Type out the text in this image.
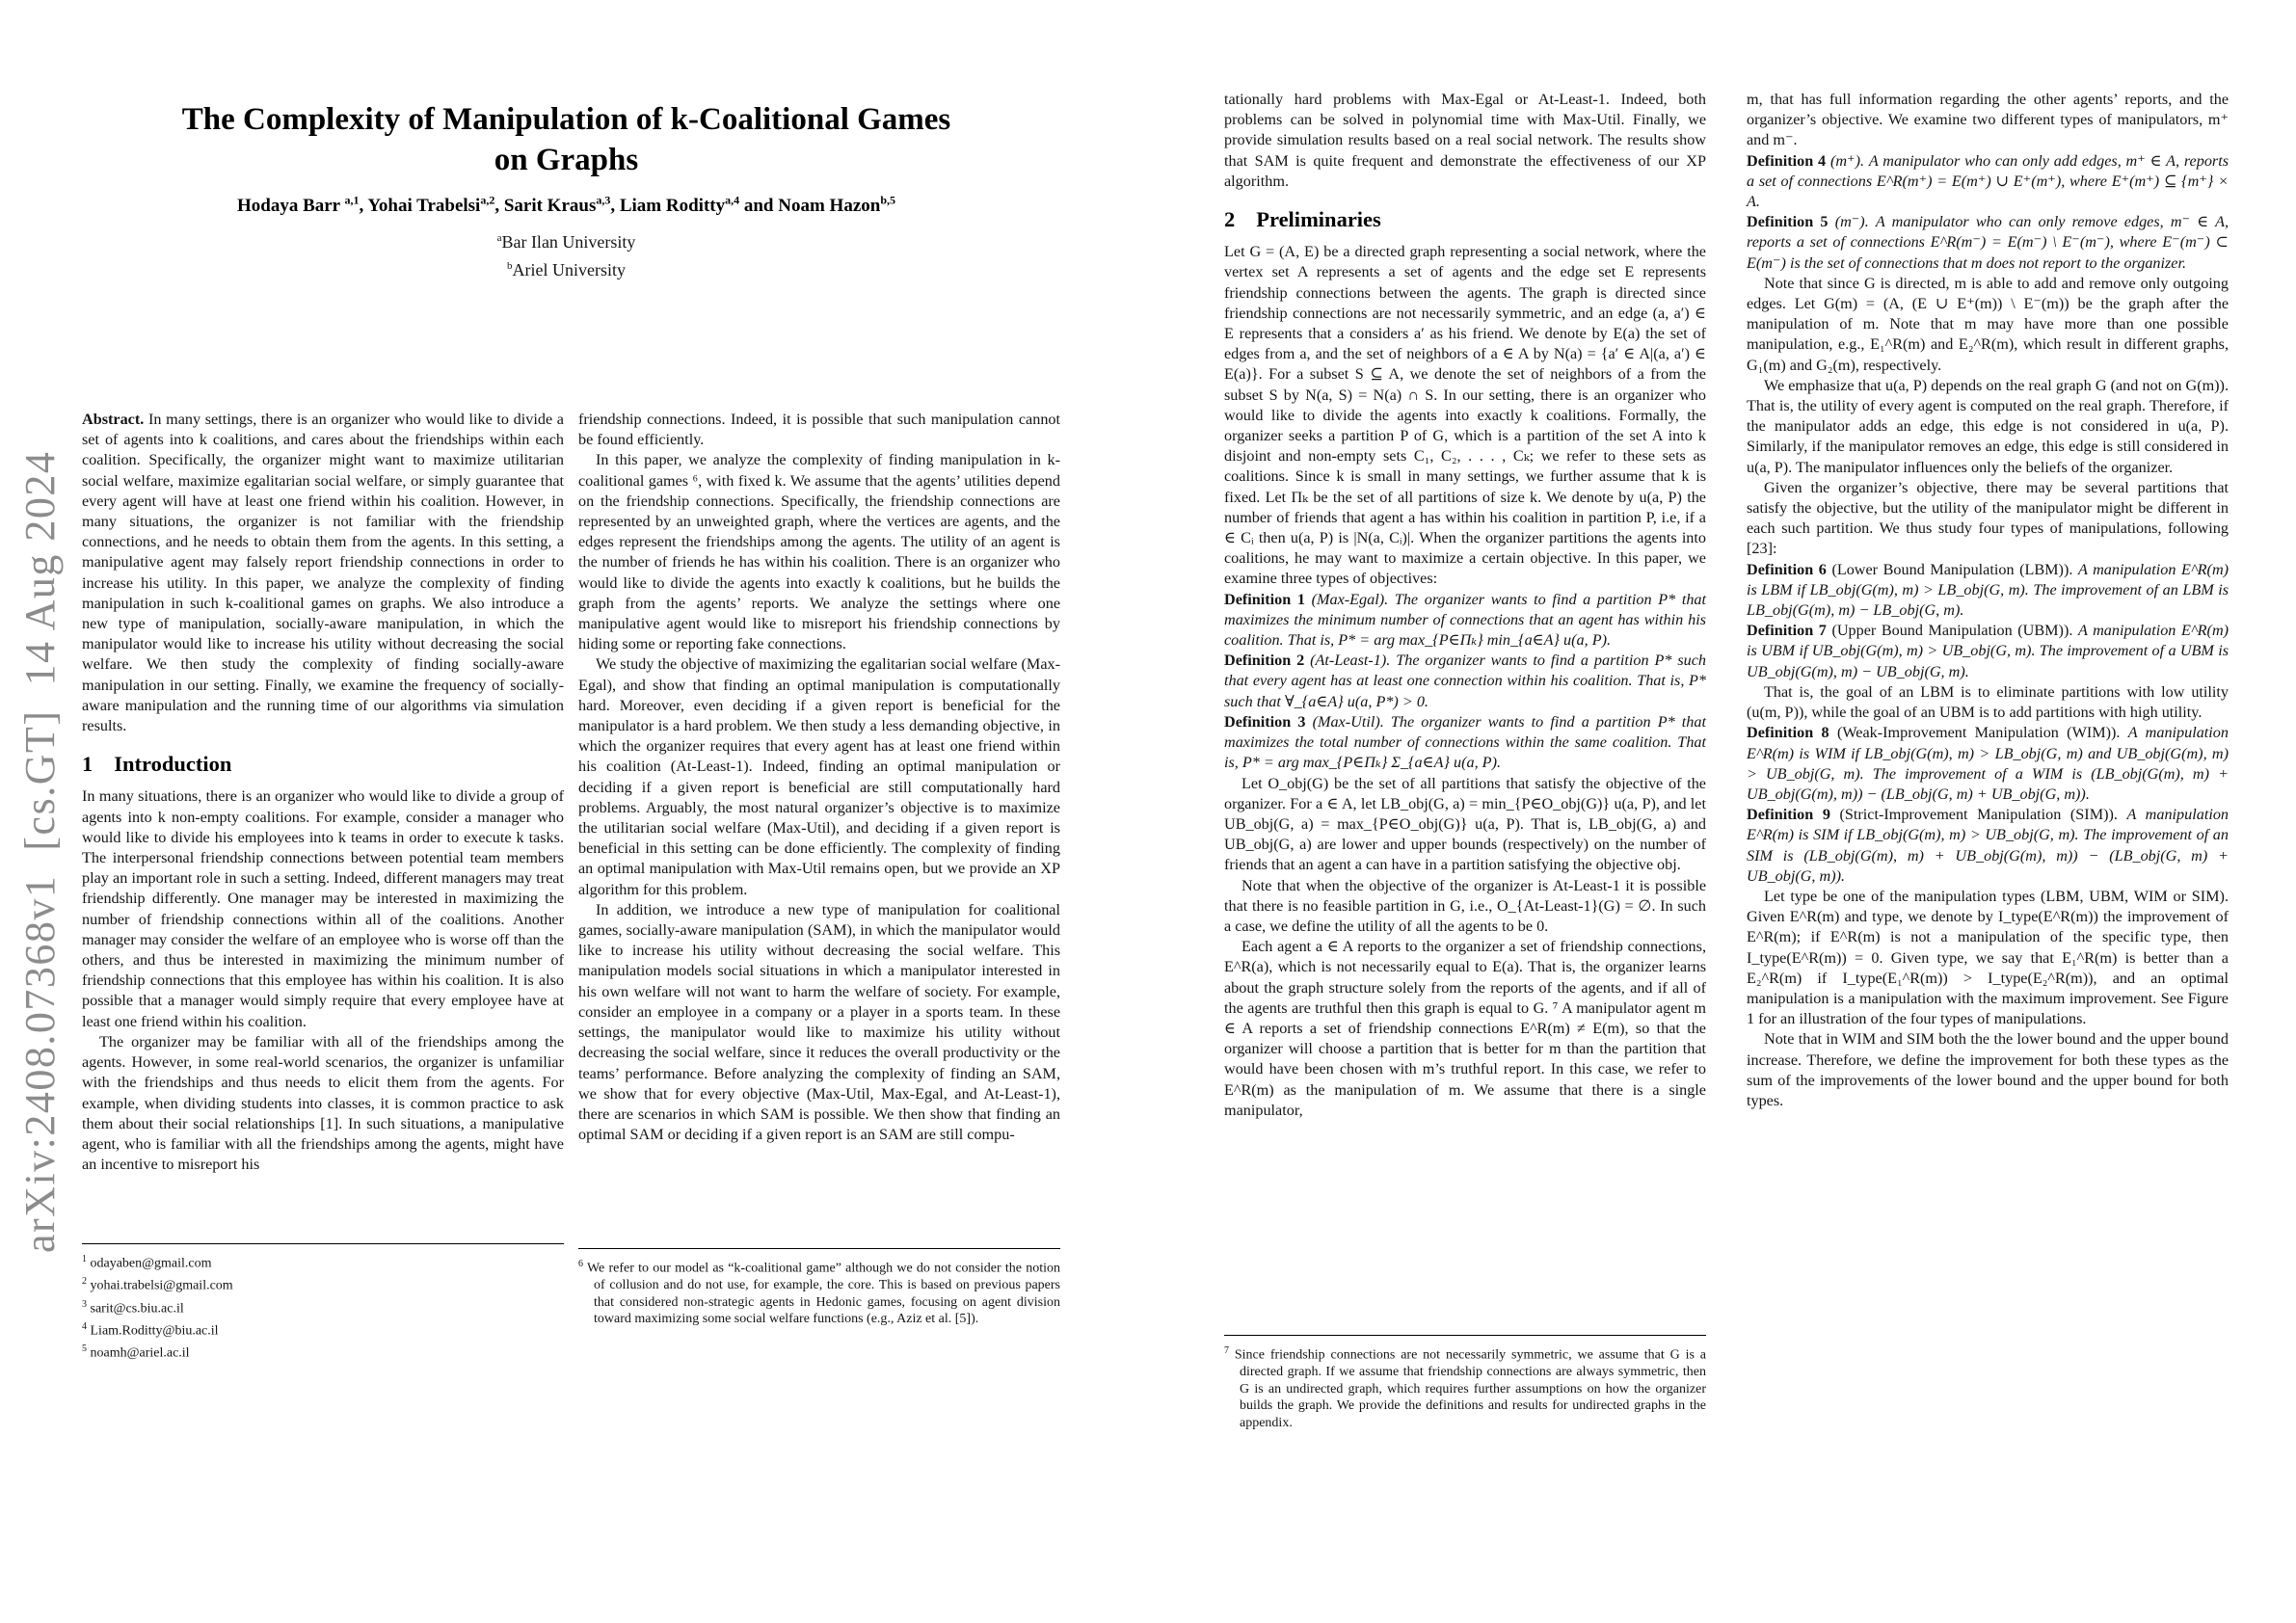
arXiv:2408.07368v1  [cs.GT]  14 Aug 2024
The Complexity of Manipulation of k-Coalitional Games
on Graphs
Hodaya Barr $^{a,1}$, Yohai Trabelsi$^{a,2}$, Sarit Kraus$^{a,3}$, Liam Roditty$^{a,4}$ and Noam Hazon$^{b,5}$
$^a$Bar Ilan University
$^b$Ariel University

Abstract. In many settings, there is an organizer who would like to divide a set of agents into k coalitions, and cares about the friendships within each coalition. Specifically, the organizer might want to maximize utilitarian social welfare, maximize egalitarian social welfare, or simply guarantee that every agent will have at least one friend within his coalition. However, in many situations, the organizer is not familiar with the friendship connections, and he needs to obtain them from the agents. In this setting, a manipulative agent may falsely report friendship connections in order to increase his utility. In this paper, we analyze the complexity of finding manipulation in such k-coalitional games on graphs. We also introduce a new type of manipulation, socially-aware manipulation, in which the manipulator would like to increase his utility without decreasing the social welfare. We then study the complexity of finding socially-aware manipulation in our setting. Finally, we examine the frequency of socially-aware manipulation and the running time of our algorithms via simulation results.

1 Introduction

In many situations, there is an organizer who would like to divide a group of agents into k non-empty coalitions. For example, consider a manager who would like to divide his employees into k teams in order to execute k tasks. The interpersonal friendship connections between potential team members play an important role in such a setting. Indeed, different managers may treat friendship differently. One manager may be interested in maximizing the number of friendship connections within all of the coalitions. Another manager may consider the welfare of an employee who is worse off than the others, and thus be interested in maximizing the minimum number of friendship connections that this employee has within his coalition. It is also possible that a manager would simply require that every employee have at least one friend within his coalition.

The organizer may be familiar with all of the friendships among the agents. However, in some real-world scenarios, the organizer is unfamiliar with the friendships and thus needs to elicit them from the agents. For example, when dividing students into classes, it is common practice to ask them about their social relationships [1]. In such situations, a manipulative agent, who is familiar with all the friendships among the agents, might have an incentive to misreport his

$^1$ odayaben@gmail.com
$^2$ yohai.trabelsi@gmail.com
$^3$ sarit@cs.biu.ac.il
$^4$ Liam.Roditty@biu.ac.il
$^5$ noamh@ariel.ac.il

friendship connections. Indeed, it is possible that such manipulation cannot be found efficiently.

In this paper, we analyze the complexity of finding manipulation in k-coalitional games ⁶, with fixed k. We assume that the agents’ utilities depend on the friendship connections. Specifically, the friendship connections are represented by an unweighted graph, where the vertices are agents, and the edges represent the friendships among the agents. The utility of an agent is the number of friends he has within his coalition. There is an organizer who would like to divide the agents into exactly k coalitions, but he builds the graph from the agents’ reports. We analyze the settings where one manipulative agent would like to misreport his friendship connections by hiding some or reporting fake connections.

We study the objective of maximizing the egalitarian social welfare (Max-Egal), and show that finding an optimal manipulation is computationally hard. Moreover, even deciding if a given report is beneficial for the manipulator is a hard problem. We then study a less demanding objective, in which the organizer requires that every agent has at least one friend within his coalition (At-Least-1). Indeed, finding an optimal manipulation or deciding if a given report is beneficial are still computationally hard problems. Arguably, the most natural organizer’s objective is to maximize the utilitarian social welfare (Max-Util), and deciding if a given report is beneficial in this setting can be done efficiently. The complexity of finding an optimal manipulation with Max-Util remains open, but we provide an XP algorithm for this problem.

In addition, we introduce a new type of manipulation for coalitional games, socially-aware manipulation (SAM), in which the manipulator would like to increase his utility without decreasing the social welfare. This manipulation models social situations in which a manipulator interested in his own welfare will not want to harm the welfare of society. For example, consider an employee in a company or a player in a sports team. In these settings, the manipulator would like to maximize his utility without decreasing the social welfare, since it reduces the overall productivity or the teams’ performance. Before analyzing the complexity of finding an SAM, we show that for every objective (Max-Util, Max-Egal, and At-Least-1), there are scenarios in which SAM is possible. We then show that finding an optimal SAM or deciding if a given report is an SAM are still compu-

$^6$ We refer to our model as “k-coalitional game” although we do not consider the notion of collusion and do not use, for example, the core. This is based on previous papers that considered non-strategic agents in Hedonic games, focusing on agent division toward maximizing some social welfare functions (e.g., Aziz et al. [5]).

tationally hard problems with Max-Egal or At-Least-1. Indeed, both problems can be solved in polynomial time with Max-Util. Finally, we provide simulation results based on a real social network. The results show that SAM is quite frequent and demonstrate the effectiveness of our XP algorithm.

2 Preliminaries

Let G = (A, E) be a directed graph representing a social network, where the vertex set A represents a set of agents and the edge set E represents friendship connections between the agents. The graph is directed since friendship connections are not necessarily symmetric, and an edge (a, a′) ∈ E represents that a considers a′ as his friend. We denote by E(a) the set of edges from a, and the set of neighbors of a ∈ A by N(a) = {a′ ∈ A|(a, a′) ∈ E(a)}. For a subset S ⊆ A, we denote the set of neighbors of a from the subset S by N(a, S) = N(a) ∩ S. In our setting, there is an organizer who would like to divide the agents into exactly k coalitions. Formally, the organizer seeks a partition P of G, which is a partition of the set A into k disjoint and non-empty sets C₁, C₂, . . . , Cₖ; we refer to these sets as coalitions. Since k is small in many settings, we further assume that k is fixed. Let Πₖ be the set of all partitions of size k. We denote by u(a, P) the number of friends that agent a has within his coalition in partition P, i.e, if a ∈ Cᵢ then u(a, P) is |N(a, Cᵢ)|. When the organizer partitions the agents into coalitions, he may want to maximize a certain objective. In this paper, we examine three types of objectives:

Definition 1 (Max-Egal). The organizer wants to find a partition P* that maximizes the minimum number of connections that an agent has within his coalition. That is, P* = arg max_{P∈Πₖ} min_{a∈A} u(a, P).

Definition 2 (At-Least-1). The organizer wants to find a partition P* such that every agent has at least one connection within his coalition. That is, P* such that ∀_{a∈A} u(a, P*) > 0.

Definition 3 (Max-Util). The organizer wants to find a partition P* that maximizes the total number of connections within the same coalition. That is, P* = arg max_{P∈Πₖ} Σ_{a∈A} u(a, P).

Let O_obj(G) be the set of all partitions that satisfy the objective of the organizer. For a ∈ A, let LB_obj(G, a) = min_{P∈O_obj(G)} u(a, P), and let UB_obj(G, a) = max_{P∈O_obj(G)} u(a, P). That is, LB_obj(G, a) and UB_obj(G, a) are lower and upper bounds (respectively) on the number of friends that an agent a can have in a partition satisfying the objective obj.

Note that when the objective of the organizer is At-Least-1 it is possible that there is no feasible partition in G, i.e., O_{At-Least-1}(G) = ∅. In such a case, we define the utility of all the agents to be 0.

Each agent a ∈ A reports to the organizer a set of friendship connections, E^R(a), which is not necessarily equal to E(a). That is, the organizer learns about the graph structure solely from the reports of the agents, and if all of the agents are truthful then this graph is equal to G. ⁷ A manipulator agent m ∈ A reports a set of friendship connections E^R(m) ≠ E(m), so that the organizer will choose a partition that is better for m than the partition that would have been chosen with m’s truthful report. In this case, we refer to E^R(m) as the manipulation of m. We assume that there is a single manipulator,

$^7$ Since friendship connections are not necessarily symmetric, we assume that G is a directed graph. If we assume that friendship connections are always symmetric, then G is an undirected graph, which requires further assumptions on how the organizer builds the graph. We provide the definitions and results for undirected graphs in the appendix.

m, that has full information regarding the other agents’ reports, and the organizer’s objective. We examine two different types of manipulators, m⁺ and m⁻.

Definition 4 (m⁺). A manipulator who can only add edges, m⁺ ∈ A, reports a set of connections E^R(m⁺) = E(m⁺) ∪ E⁺(m⁺), where E⁺(m⁺) ⊆ {m⁺} × A.

Definition 5 (m⁻). A manipulator who can only remove edges, m⁻ ∈ A, reports a set of connections E^R(m⁻) = E(m⁻) \ E⁻(m⁻), where E⁻(m⁻) ⊂ E(m⁻) is the set of connections that m does not report to the organizer.

Note that since G is directed, m is able to add and remove only outgoing edges. Let G(m) = (A, (E ∪ E⁺(m)) \ E⁻(m)) be the graph after the manipulation of m. Note that m may have more than one possible manipulation, e.g., E₁^R(m) and E₂^R(m), which result in different graphs, G₁(m) and G₂(m), respectively.

We emphasize that u(a, P) depends on the real graph G (and not on G(m)). That is, the utility of every agent is computed on the real graph. Therefore, if the manipulator adds an edge, this edge is not considered in u(a, P). Similarly, if the manipulator removes an edge, this edge is still considered in u(a, P). The manipulator influences only the beliefs of the organizer.

Given the organizer’s objective, there may be several partitions that satisfy the objective, but the utility of the manipulator might be different in each such partition. We thus study four types of manipulations, following [23]:

Definition 6 (Lower Bound Manipulation (LBM)). A manipulation E^R(m) is LBM if LB_obj(G(m), m) > LB_obj(G, m). The improvement of an LBM is LB_obj(G(m), m) − LB_obj(G, m).

Definition 7 (Upper Bound Manipulation (UBM)). A manipulation E^R(m) is UBM if UB_obj(G(m), m) > UB_obj(G, m). The improvement of a UBM is UB_obj(G(m), m) − UB_obj(G, m).

That is, the goal of an LBM is to eliminate partitions with low utility (u(m, P)), while the goal of an UBM is to add partitions with high utility.

Definition 8 (Weak-Improvement Manipulation (WIM)). A manipulation E^R(m) is WIM if LB_obj(G(m), m) > LB_obj(G, m) and UB_obj(G(m), m) > UB_obj(G, m). The improvement of a WIM is (LB_obj(G(m), m) + UB_obj(G(m), m)) − (LB_obj(G, m) + UB_obj(G, m)).

Definition 9 (Strict-Improvement Manipulation (SIM)). A manipulation E^R(m) is SIM if LB_obj(G(m), m) > UB_obj(G, m). The improvement of an SIM is (LB_obj(G(m), m) + UB_obj(G(m), m)) − (LB_obj(G, m) + UB_obj(G, m)).

Let type be one of the manipulation types (LBM, UBM, WIM or SIM). Given E^R(m) and type, we denote by I_type(E^R(m)) the improvement of E^R(m); if E^R(m) is not a manipulation of the specific type, then I_type(E^R(m)) = 0. Given type, we say that E₁^R(m) is better than a E₂^R(m) if I_type(E₁^R(m)) > I_type(E₂^R(m)), and an optimal manipulation is a manipulation with the maximum improvement. See Figure 1 for an illustration of the four types of manipulations.

Note that in WIM and SIM both the the lower bound and the upper bound increase. Therefore, we define the improvement for both these types as the sum of the improvements of the lower bound and the upper bound for both types.
